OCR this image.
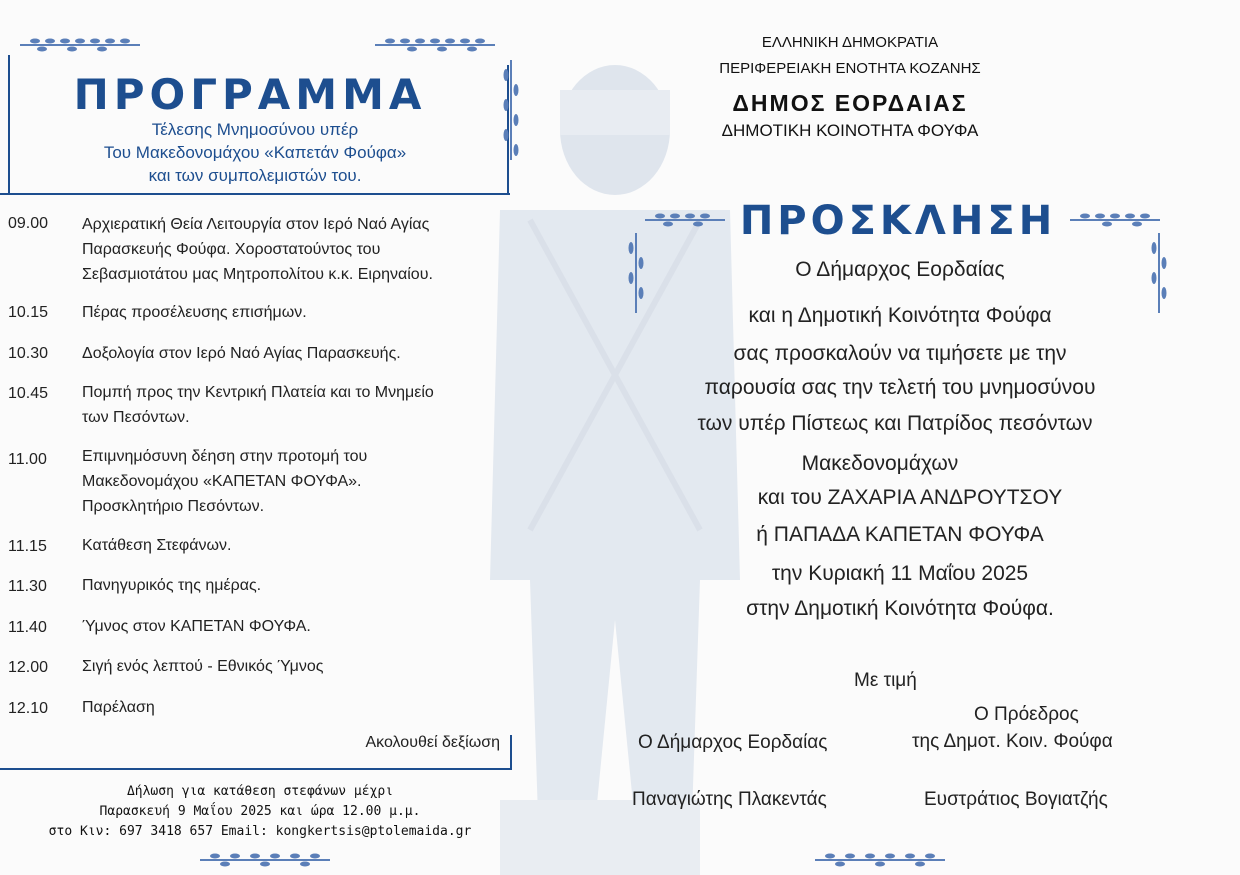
ΠΡΟΓΡΑΜΜΑ
Τέλεσης Μνημοσύνου υπέρ
Του Μακεδονομάχου «Καπετάν Φούφα»
και των συμπολεμιστών του.
09.00 Αρχιερατική Θεία Λειτουργία στον Ιερό Ναό Αγίας
Παρασκευής Φούφα. Χοροστατούντος του
Σεβασμιοτάτου μας Μητροπολίτου κ.κ. Ειρηναίου.
10.15 Πέρας προσέλευσης επισήμων.
10.30 Δοξολογία στον Ιερό Ναό Αγίας Παρασκευής.
10.45 Πομπή προς την Κεντρική Πλατεία και το Μνημείο
των Πεσόντων.
11.00 Επιμνημόσυνη δέηση στην προτομή του
Μακεδονομάχου «ΚΑΠΕΤΑΝ ΦΟΥΦΑ».
Προσκλητήριο Πεσόντων.
11.15 Κατάθεση Στεφάνων.
11.30 Πανηγυρικός της ημέρας.
11.40 Ύμνος στον ΚΑΠΕΤΑΝ ΦΟΥΦΑ.
12.00 Σιγή ενός λεπτού - Εθνικός Ύμνος
12.10 Παρέλαση
Ακολουθεί δεξίωση
Δήλωση για κατάθεση στεφάνων μέχρι
Παρασκευή 9 Μαΐου 2025 και ώρα 12.00 μ.μ.
στο Κιν: 697 3418 657 Email: kongkertsis@ptolemaida.gr
ΕΛΛΗΝΙΚΗ ΔΗΜΟΚΡΑΤΙΑ
ΠΕΡΙΦΕΡΕΙΑΚΗ ΕΝΟΤΗΤΑ ΚΟΖΑΝΗΣ
ΔΗΜΟΣ ΕΟΡΔΑΙΑΣ
ΔΗΜΟΤΙΚΗ ΚΟΙΝΟΤΗΤΑ ΦΟΥΦΑ
ΠΡΟΣΚΛΗΣΗ
Ο Δήμαρχος Εορδαίας
και η Δημοτική Κοινότητα Φούφα
σας προσκαλούν να τιμήσετε με την
παρουσία σας την τελετή του μνημοσύνου
των υπέρ Πίστεως και Πατρίδος πεσόντων
Μακεδονομάχων
και του ΖΑΧΑΡΙΑ ΑΝΔΡΟΥΤΣΟΥ
ή ΠΑΠΑΔΑ ΚΑΠΕΤΑΝ ΦΟΥΦΑ
την Κυριακή 11 Μαΐου 2025
στην Δημοτική Κοινότητα Φούφα.
Με τιμή
Ο Δήμαρχος Εορδαίας
Ο Πρόεδρος
της Δημοτ. Κοιν. Φούφα
Παναγιώτης Πλακεντάς	Ευστράτιος Βογιατζής
